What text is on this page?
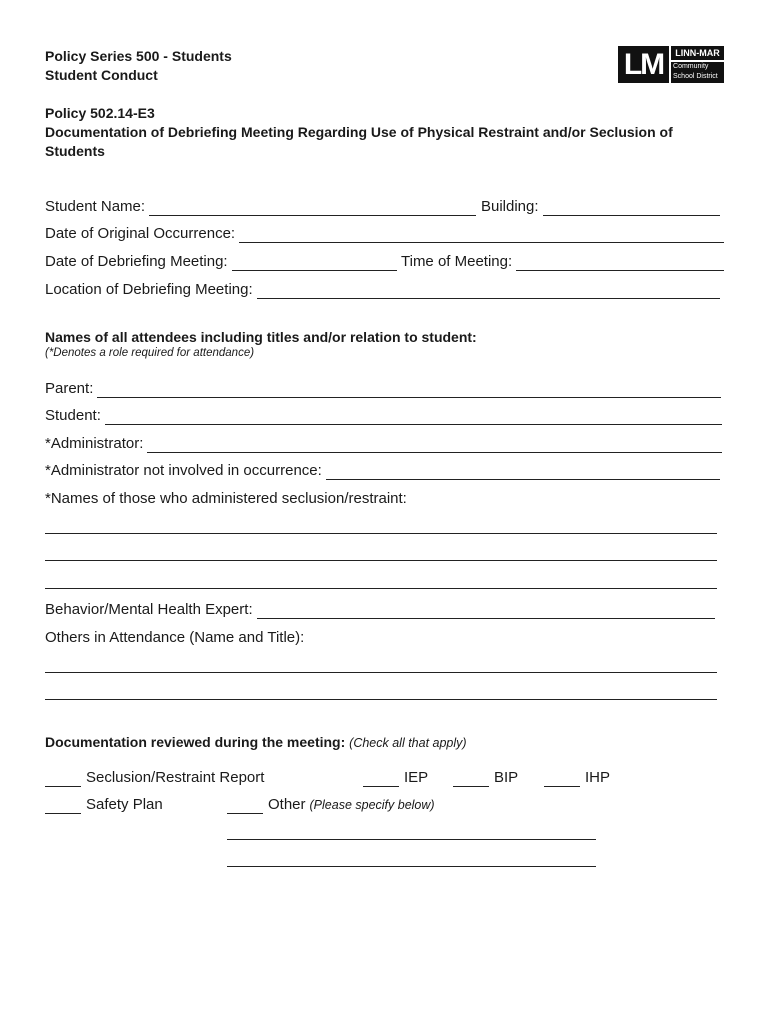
Policy Series 500 - Students
Student Conduct
Policy 502.14-E3
Documentation of Debriefing Meeting Regarding Use of Physical Restraint and/or Seclusion of Students
LM	LINN-MAR
Community
School District
Student Name:	Building:
Date of Original Occurrence:
Date of Debriefing Meeting:	Time of Meeting:
Location of Debriefing Meeting:
Names of all attendees including titles and/or relation to student:
(*Denotes a role required for attendance)
Parent:
Student:
*Administrator:
*Administrator not involved in occurrence:
*Names of those who administered seclusion/restraint:
Behavior/Mental Health Expert:
Others in Attendance (Name and Title):
Documentation reviewed during the meeting: (Check all that apply)
Seclusion/Restraint Report	IEP	BIP	IHP
Safety Plan	Other (Please specify below)
